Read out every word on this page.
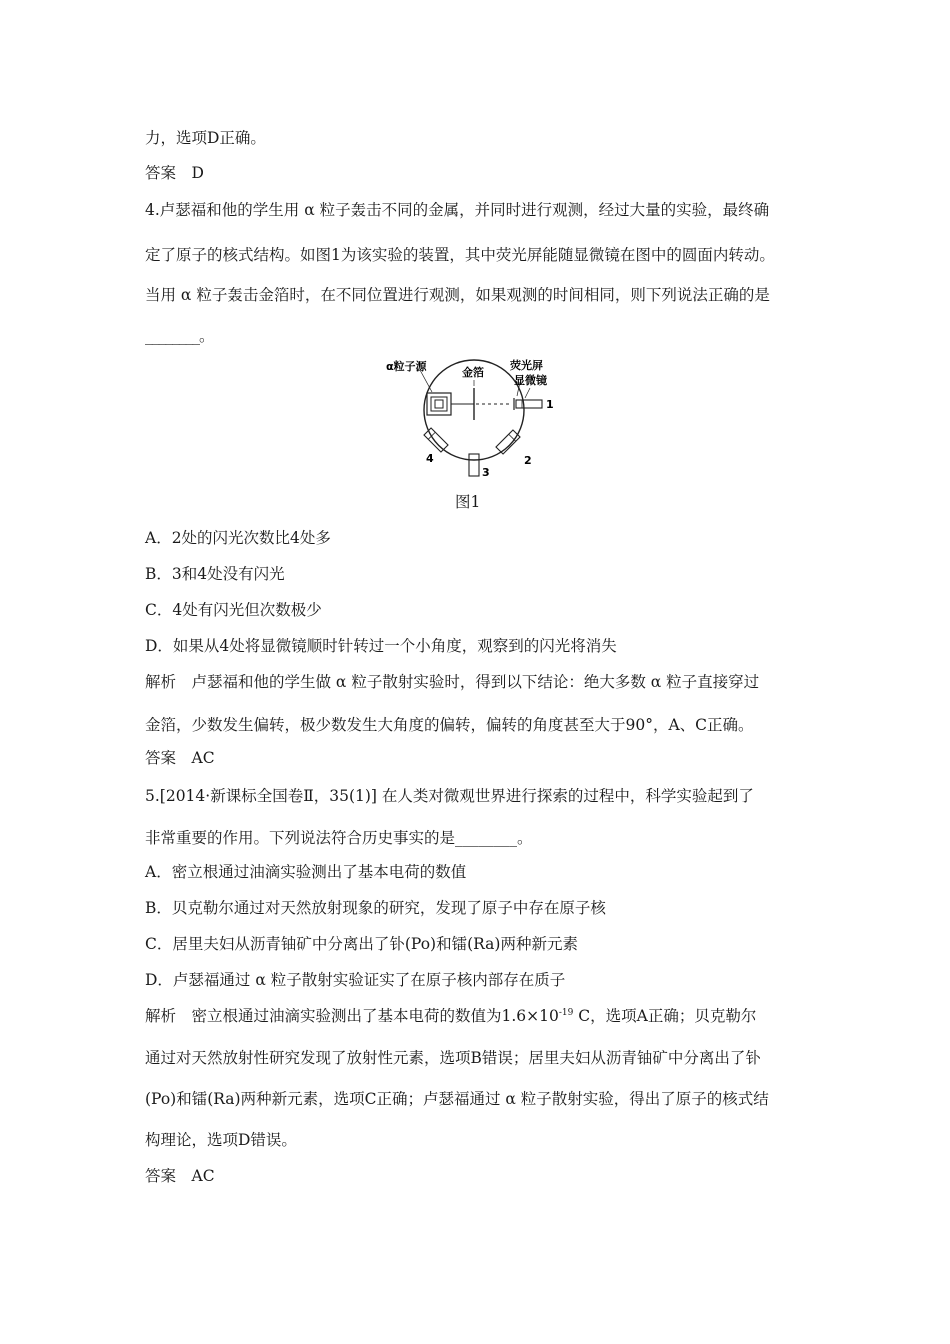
力，选项D正确。
答案　D
4.卢瑟福和他的学生用 α 粒子轰击不同的金属，并同时进行观测，经过大量的实验，最终确
定了原子的核式结构。如图1为该实验的装置，其中荧光屏能随显微镜在图中的圆面内转动。
当用 α 粒子轰击金箔时，在不同位置进行观测，如果观测的时间相同，则下列说法正确的是
________。
α粒子源	金箔
荧光屏
显微镜
1
2
3
4
图1
A．2处的闪光次数比4处多
B．3和4处没有闪光
C．4处有闪光但次数极少
D．如果从4处将显微镜顺时针转过一个小角度，观察到的闪光将消失
解析　卢瑟福和他的学生做 α 粒子散射实验时，得到以下结论：绝大多数 α 粒子直接穿过
金箔，少数发生偏转，极少数发生大角度的偏转，偏转的角度甚至大于90°，A、C正确。
答案　AC
5.[2014·新课标全国卷Ⅱ，35(1)] 在人类对微观世界进行探索的过程中，科学实验起到了
非常重要的作用。下列说法符合历史事实的是________。
A．密立根通过油滴实验测出了基本电荷的数值
B．贝克勒尔通过对天然放射现象的研究，发现了原子中存在原子核
C．居里夫妇从沥青铀矿中分离出了钋(Po)和镭(Ra)两种新元素
D．卢瑟福通过 α 粒子散射实验证实了在原子核内部存在质子
解析　密立根通过油滴实验测出了基本电荷的数值为$1.6\times 10^{-19}$ C，选项A正确；贝克勒尔
通过对天然放射性研究发现了放射性元素，选项B错误；居里夫妇从沥青铀矿中分离出了钋
(Po)和镭(Ra)两种新元素，选项C正确；卢瑟福通过 α 粒子散射实验，得出了原子的核式结
构理论，选项D错误。
答案　AC
